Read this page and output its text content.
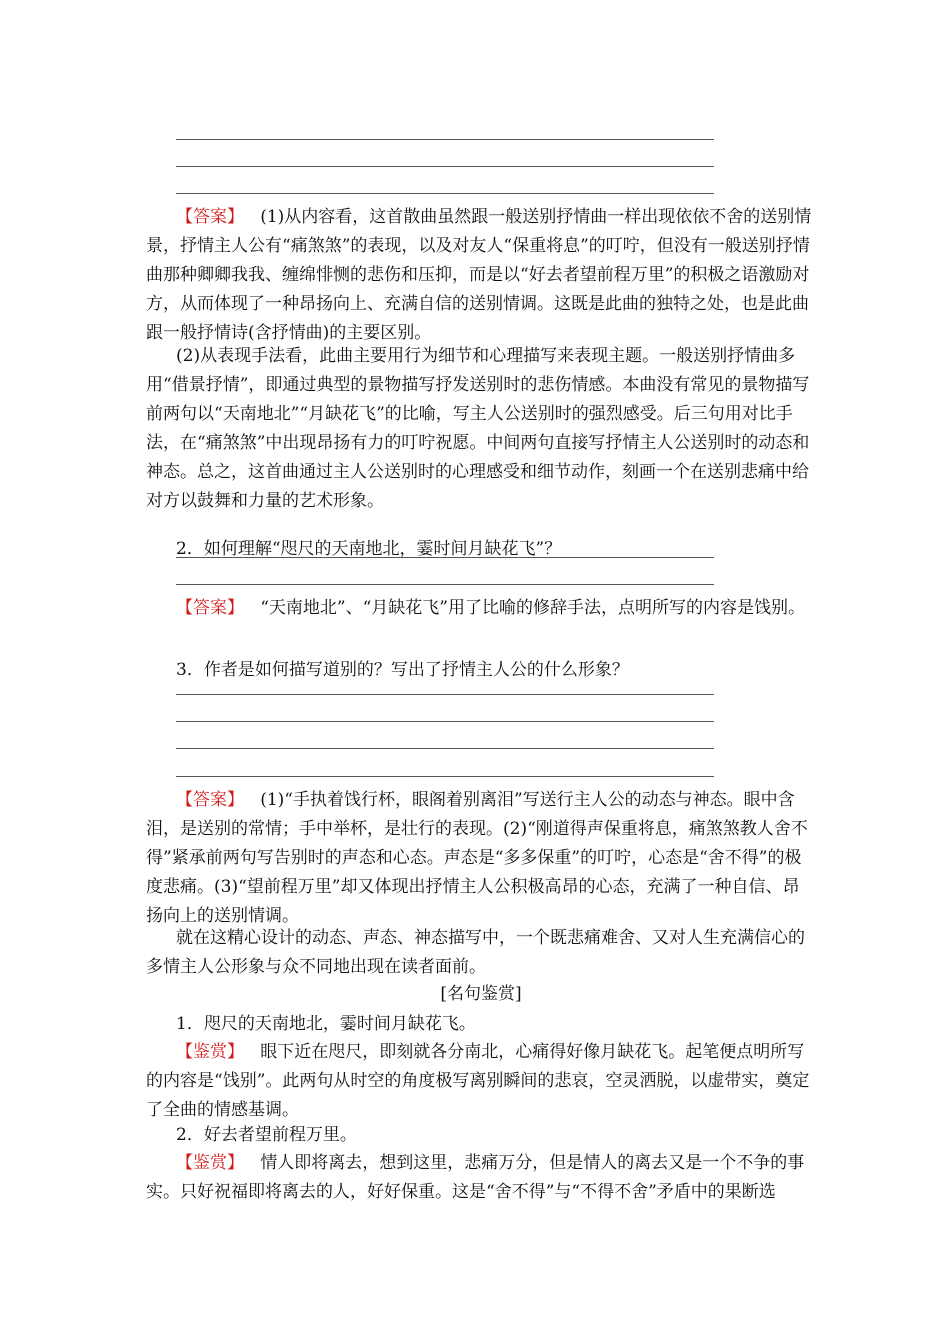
【答案】 (1)从内容看，这首散曲虽然跟一般送别抒情曲一样出现依依不舍的送别情景，抒情主人公有“痛煞煞”的表现，以及对友人“保重将息”的叮咛，但没有一般送别抒情曲那种卿卿我我、缠绵悱恻的悲伤和压抑，而是以“好去者望前程万里”的积极之语激励对方，从而体现了一种昂扬向上、充满自信的送别情调。这既是此曲的独特之处，也是此曲跟一般抒情诗(含抒情曲)的主要区别。

(2)从表现手法看，此曲主要用行为细节和心理描写来表现主题。一般送别抒情曲多用“借景抒情”，即通过典型的景物描写抒发送别时的悲伤情感。本曲没有常见的景物描写前两句以“天南地北”“月缺花飞”的比喻，写主人公送别时的强烈感受。后三句用对比手法，在“痛煞煞”中出现昂扬有力的叮咛祝愿。中间两句直接写抒情主人公送别时的动态和神态。总之，这首曲通过主人公送别时的心理感受和细节动作，刻画一个在送别悲痛中给对方以鼓舞和力量的艺术形象。

2．如何理解“咫尺的天南地北，霎时间月缺花飞”？

【答案】 “天南地北”、“月缺花飞”用了比喻的修辞手法，点明所写的内容是饯别。

3．作者是如何描写道别的？写出了抒情主人公的什么形象？

【答案】 (1)“手执着饯行杯，眼阁着别离泪”写送行主人公的动态与神态。眼中含泪，是送别的常情；手中举杯，是壮行的表现。(2)“刚道得声保重将息，痛煞煞教人舍不得”紧承前两句写告别时的声态和心态。声态是“多多保重”的叮咛，心态是“舍不得”的极度悲痛。(3)“望前程万里”却又体现出抒情主人公积极高昂的心态，充满了一种自信、昂扬向上的送别情调。

就在这精心设计的动态、声态、神态描写中，一个既悲痛难舍、又对人生充满信心的多情主人公形象与众不同地出现在读者面前。

[名句鉴赏]

1．咫尺的天南地北，霎时间月缺花飞。

【鉴赏】 眼下近在咫尺，即刻就各分南北，心痛得好像月缺花飞。起笔便点明所写的内容是“饯别”。此两句从时空的角度极写离别瞬间的悲哀，空灵洒脱，以虚带实，奠定了全曲的情感基调。

2．好去者望前程万里。

【鉴赏】 情人即将离去，想到这里，悲痛万分，但是情人的离去又是一个不争的事实。只好祝福即将离去的人，好好保重。这是“舍不得”与“不得不舍”矛盾中的果断选
